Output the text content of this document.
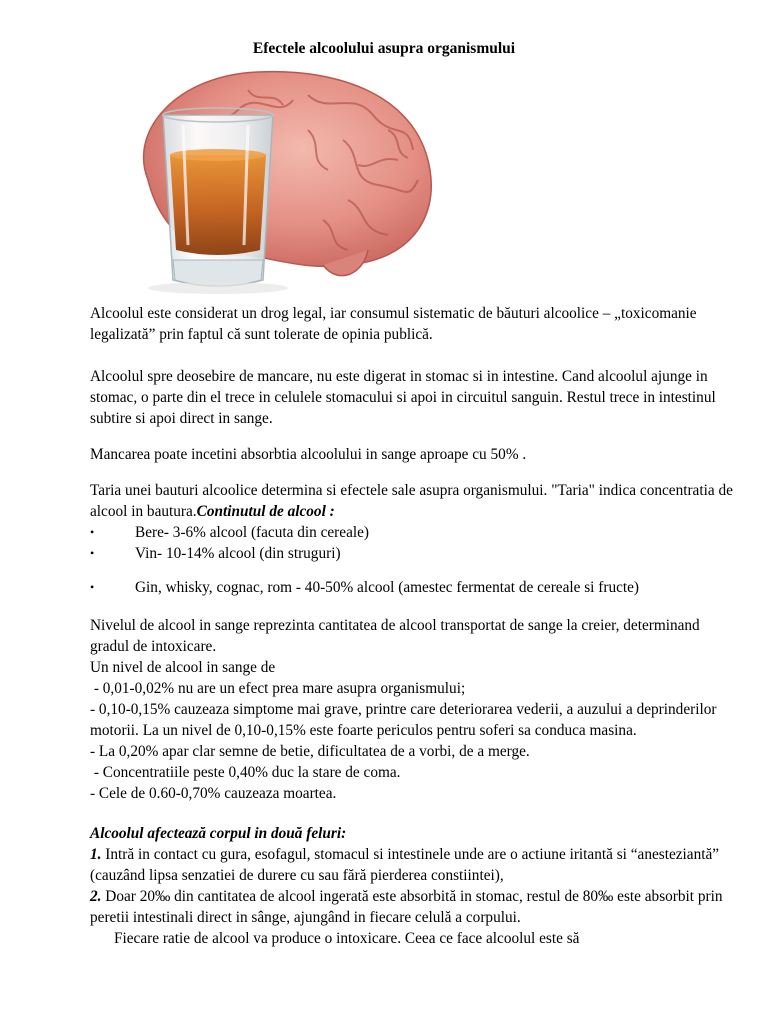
Efectele alcoolului asupra organismului

Alcoolul este considerat un drog legal, iar consumul sistematic de băuturi alcoolice – „toxicomanie legalizată” prin faptul că sunt tolerate de opinia publică.

Alcoolul spre deosebire de mancare, nu este digerat in stomac si in intestine. Cand alcoolul ajunge in stomac, o parte din el trece in celulele stomacului si apoi in circuitul sanguin. Restul trece in intestinul subtire si apoi direct in sange.

Mancarea poate incetini absorbtia alcoolului in sange aproape cu 50% .

Taria unei bauturi alcoolice determina si efectele sale asupra organismului. "Taria" indica concentratia de alcool in bautura.Continutul de alcool :

•	Bere- 3-6% alcool (facuta din cereale)
•	Vin- 10-14% alcool (din struguri)
•	Gin, whisky, cognac, rom - 40-50% alcool (amestec fermentat de cereale si fructe)

Nivelul de alcool in sange reprezinta cantitatea de alcool transportat de sange la creier, determinand gradul de intoxicare.

Un nivel de alcool in sange de

- 0,01-0,02% nu are un efect prea mare asupra organismului;

- 0,10-0,15% cauzeaza simptome mai grave, printre care deteriorarea vederii, a auzului a deprinderilor motorii. La un nivel de 0,10-0,15% este foarte periculos pentru soferi sa conduca masina.

- La 0,20% apar clar semne de betie, dificultatea de a vorbi, de a merge.

- Concentratiile peste 0,40% duc la stare de coma.

- Cele de 0.60-0,70% cauzeaza moartea.

Alcoolul afectează corpul in două feluri:

1. Intră in contact cu gura, esofagul, stomacul si intestinele unde are o actiune iritantă si “anesteziantă” (cauzând lipsa senzatiei de durere cu sau fără pierderea constiintei),

2. Doar 20‰ din cantitatea de alcool ingerată este absorbită in stomac, restul de 80‰ este absorbit prin peretii intestinali direct in sânge, ajungând in fiecare celulă a corpului.

Fiecare ratie de alcool va produce o intoxicare. Ceea ce face alcoolul este să
